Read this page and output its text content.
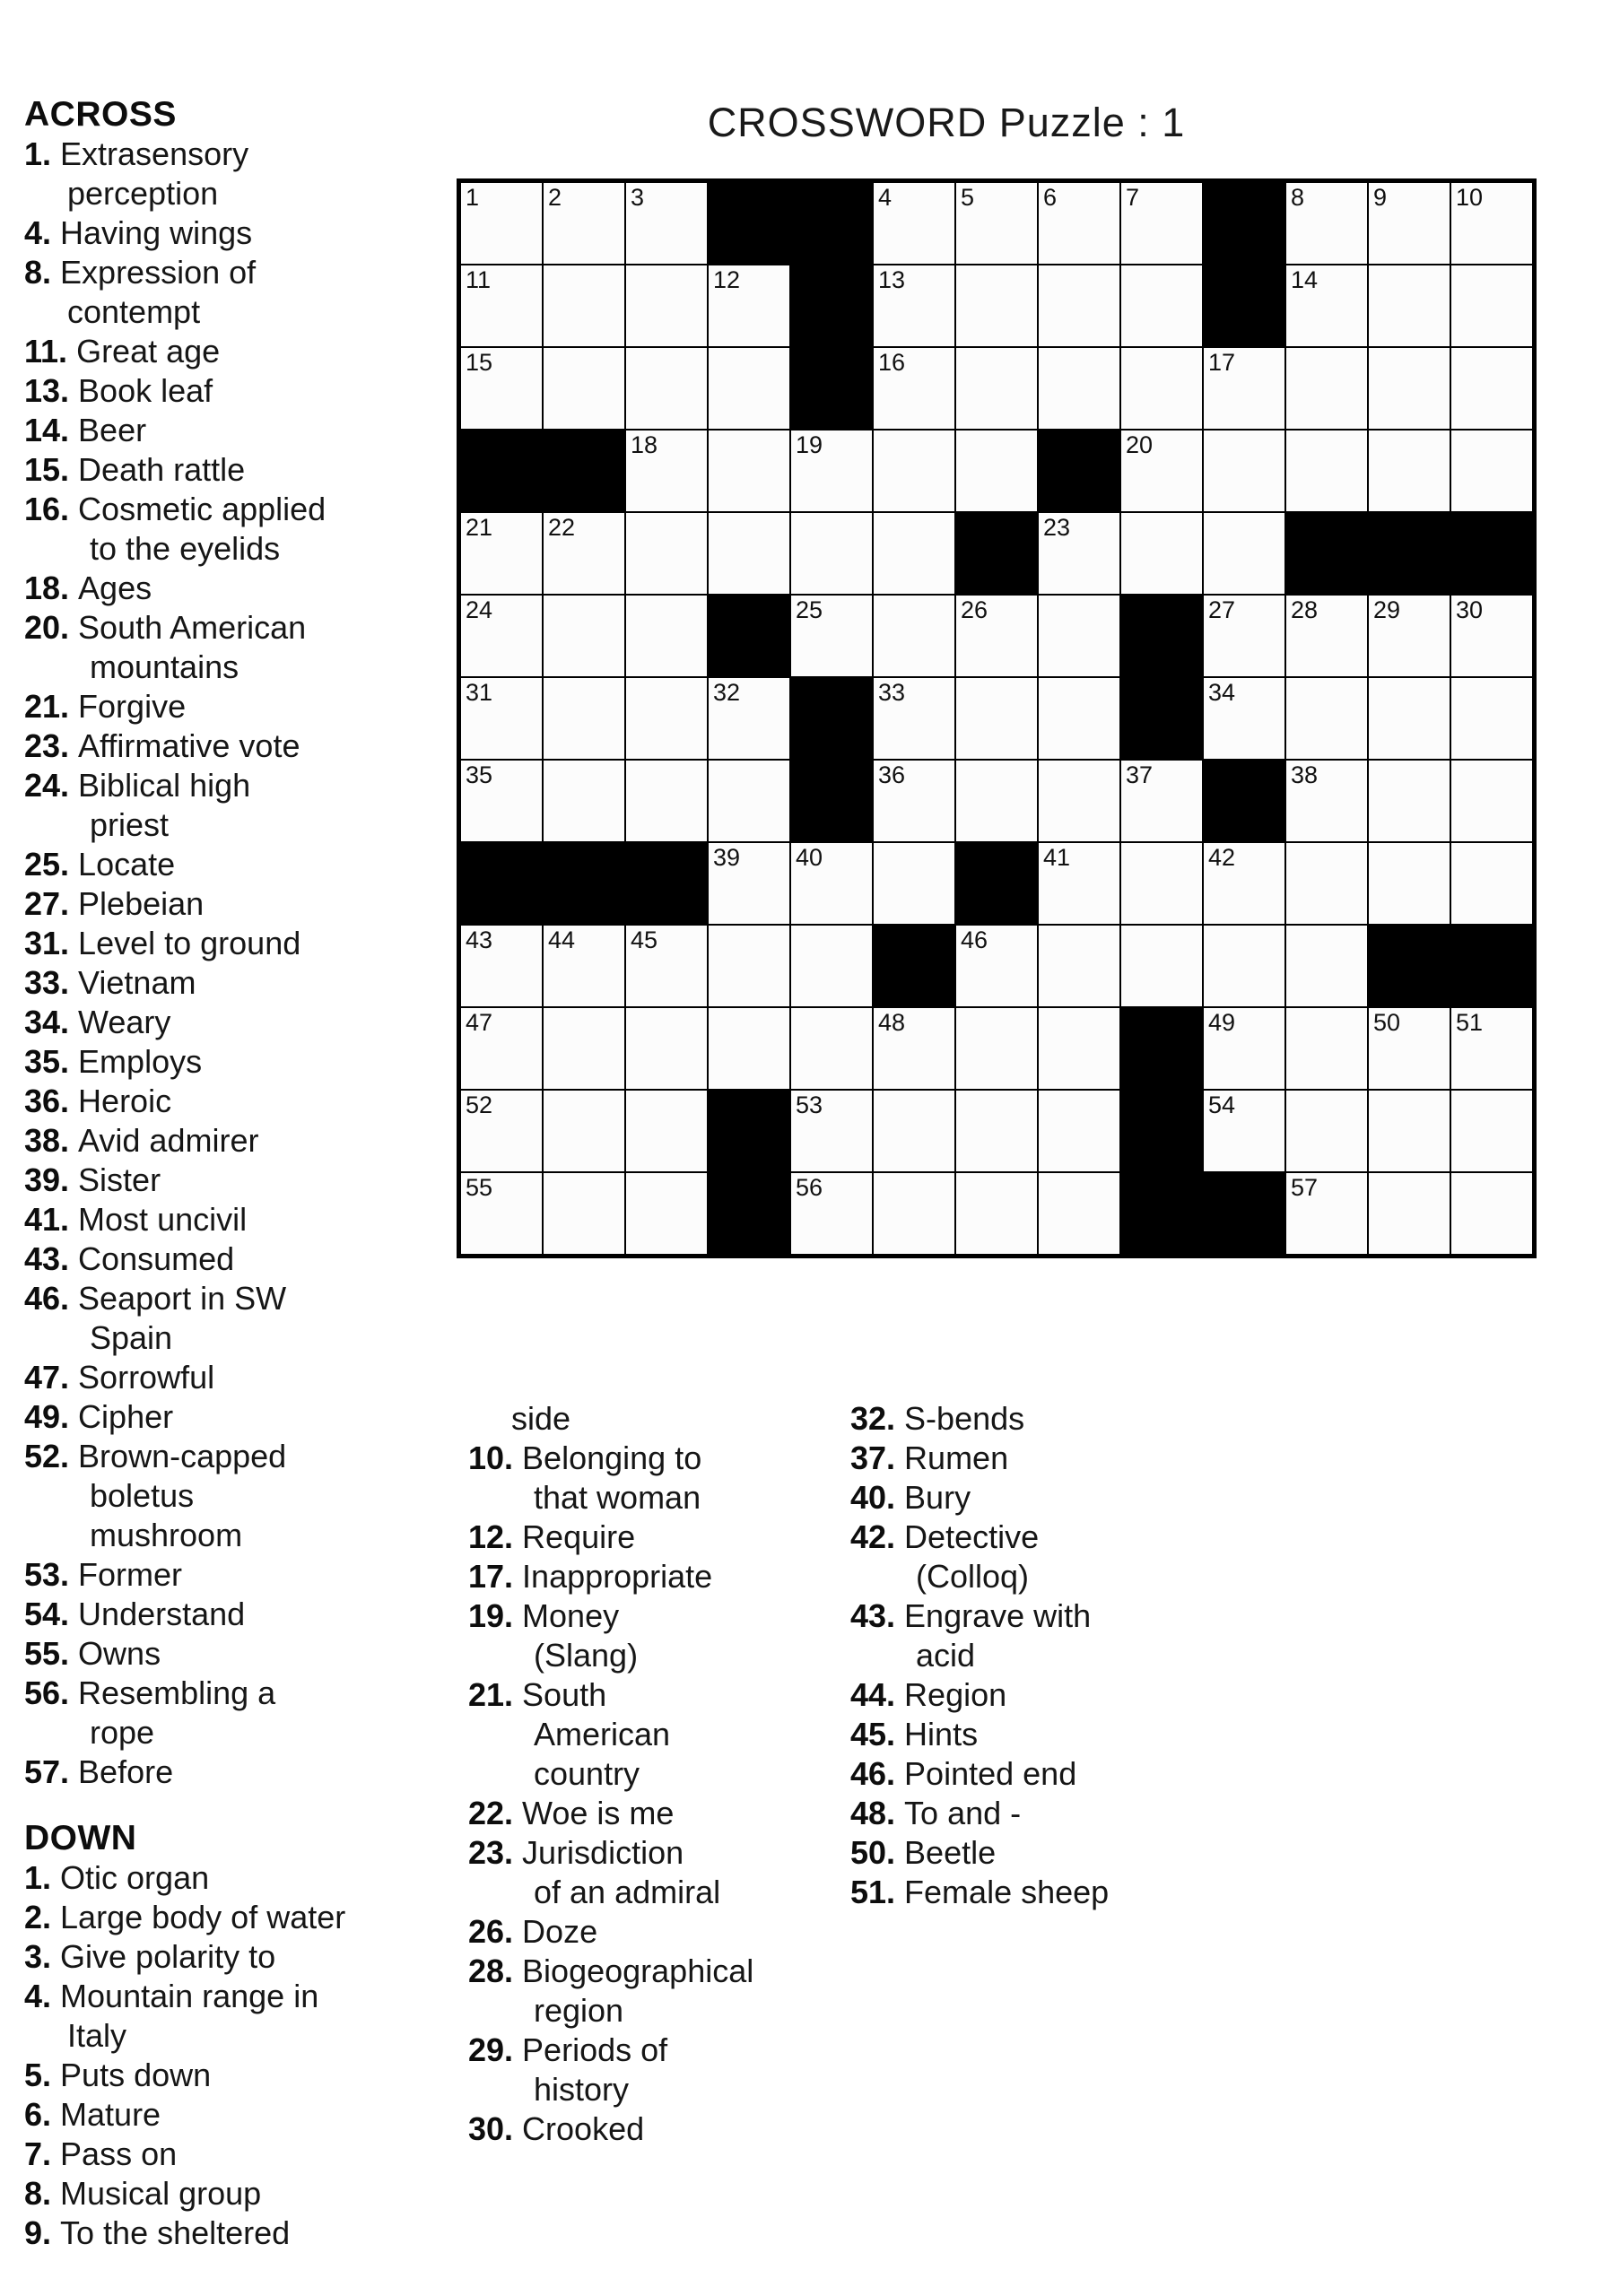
CROSSWORD Puzzle : 1
1	2	3	4	5	6	7	8	9	10
11	12	13	14
15	16	17
18	19	20
21 22	23
24	25	26	27 28 29 30
31	32	33	34
35	36	37	38
39 40	41	42
43 44 45	46
47	48	49	50 51
52	53	54
55	56	57
ACROSS
1. Extrasensory
perception
4. Having wings
8. Expression of
contempt
11. Great age
13. Book leaf
14. Beer
15. Death rattle
16. Cosmetic applied
to the eyelids
18. Ages
20. South American
mountains
21. Forgive
23. Affirmative vote
24. Biblical high
priest
25. Locate
27. Plebeian
31. Level to ground
33. Vietnam
34. Weary
35. Employs
36. Heroic
38. Avid admirer
39. Sister
41. Most uncivil
43. Consumed
46. Seaport in SW
Spain
47. Sorrowful
49. Cipher
52. Brown-capped
boletus
mushroom
53. Former
54. Understand
55. Owns
56. Resembling a
rope
57. Before
DOWN
1. Otic organ
2. Large body of water
3. Give polarity to
4. Mountain range in
Italy
5. Puts down
6. Mature
7. Pass on
8. Musical group
9. To the sheltered
side
10. Belonging to
that woman
12. Require
17. Inappropriate
19. Money
(Slang)
21. South
American
country
22. Woe is me
23. Jurisdiction
of an admiral
26. Doze
28. Biogeographical
region
29. Periods of
history
30. Crooked
32. S-bends
37. Rumen
40. Bury
42. Detective
(Colloq)
43. Engrave with
acid
44. Region
45. Hints
46. Pointed end
48. To and -
50. Beetle
51. Female sheep
